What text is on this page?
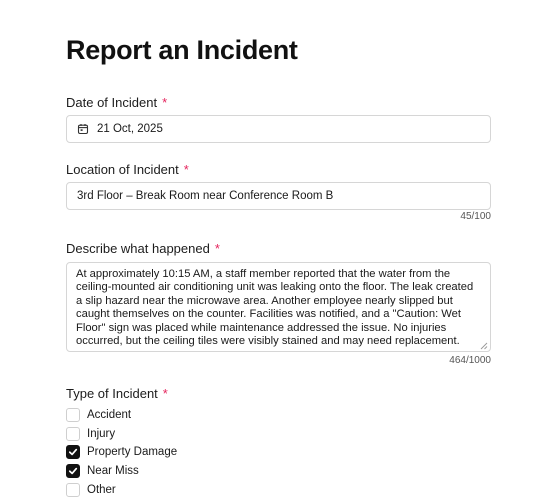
Report an Incident
Date of Incident *
21 Oct, 2025
Location of Incident *
3rd Floor – Break Room near Conference Room B
45/100
Describe what happened *
At approximately 10:15 AM, a staff member reported that the water from the ceiling-mounted air conditioning unit was leaking onto the floor. The leak created a slip hazard near the microwave area. Another employee nearly slipped but caught themselves on the counter. Facilities was notified, and a "Caution: Wet Floor" sign was placed while maintenance addressed the issue. No injuries occurred, but the ceiling tiles were visibly stained and may need replacement.
464/1000
Type of Incident *
Accident
Injury
Property Damage
Near Miss
Other
